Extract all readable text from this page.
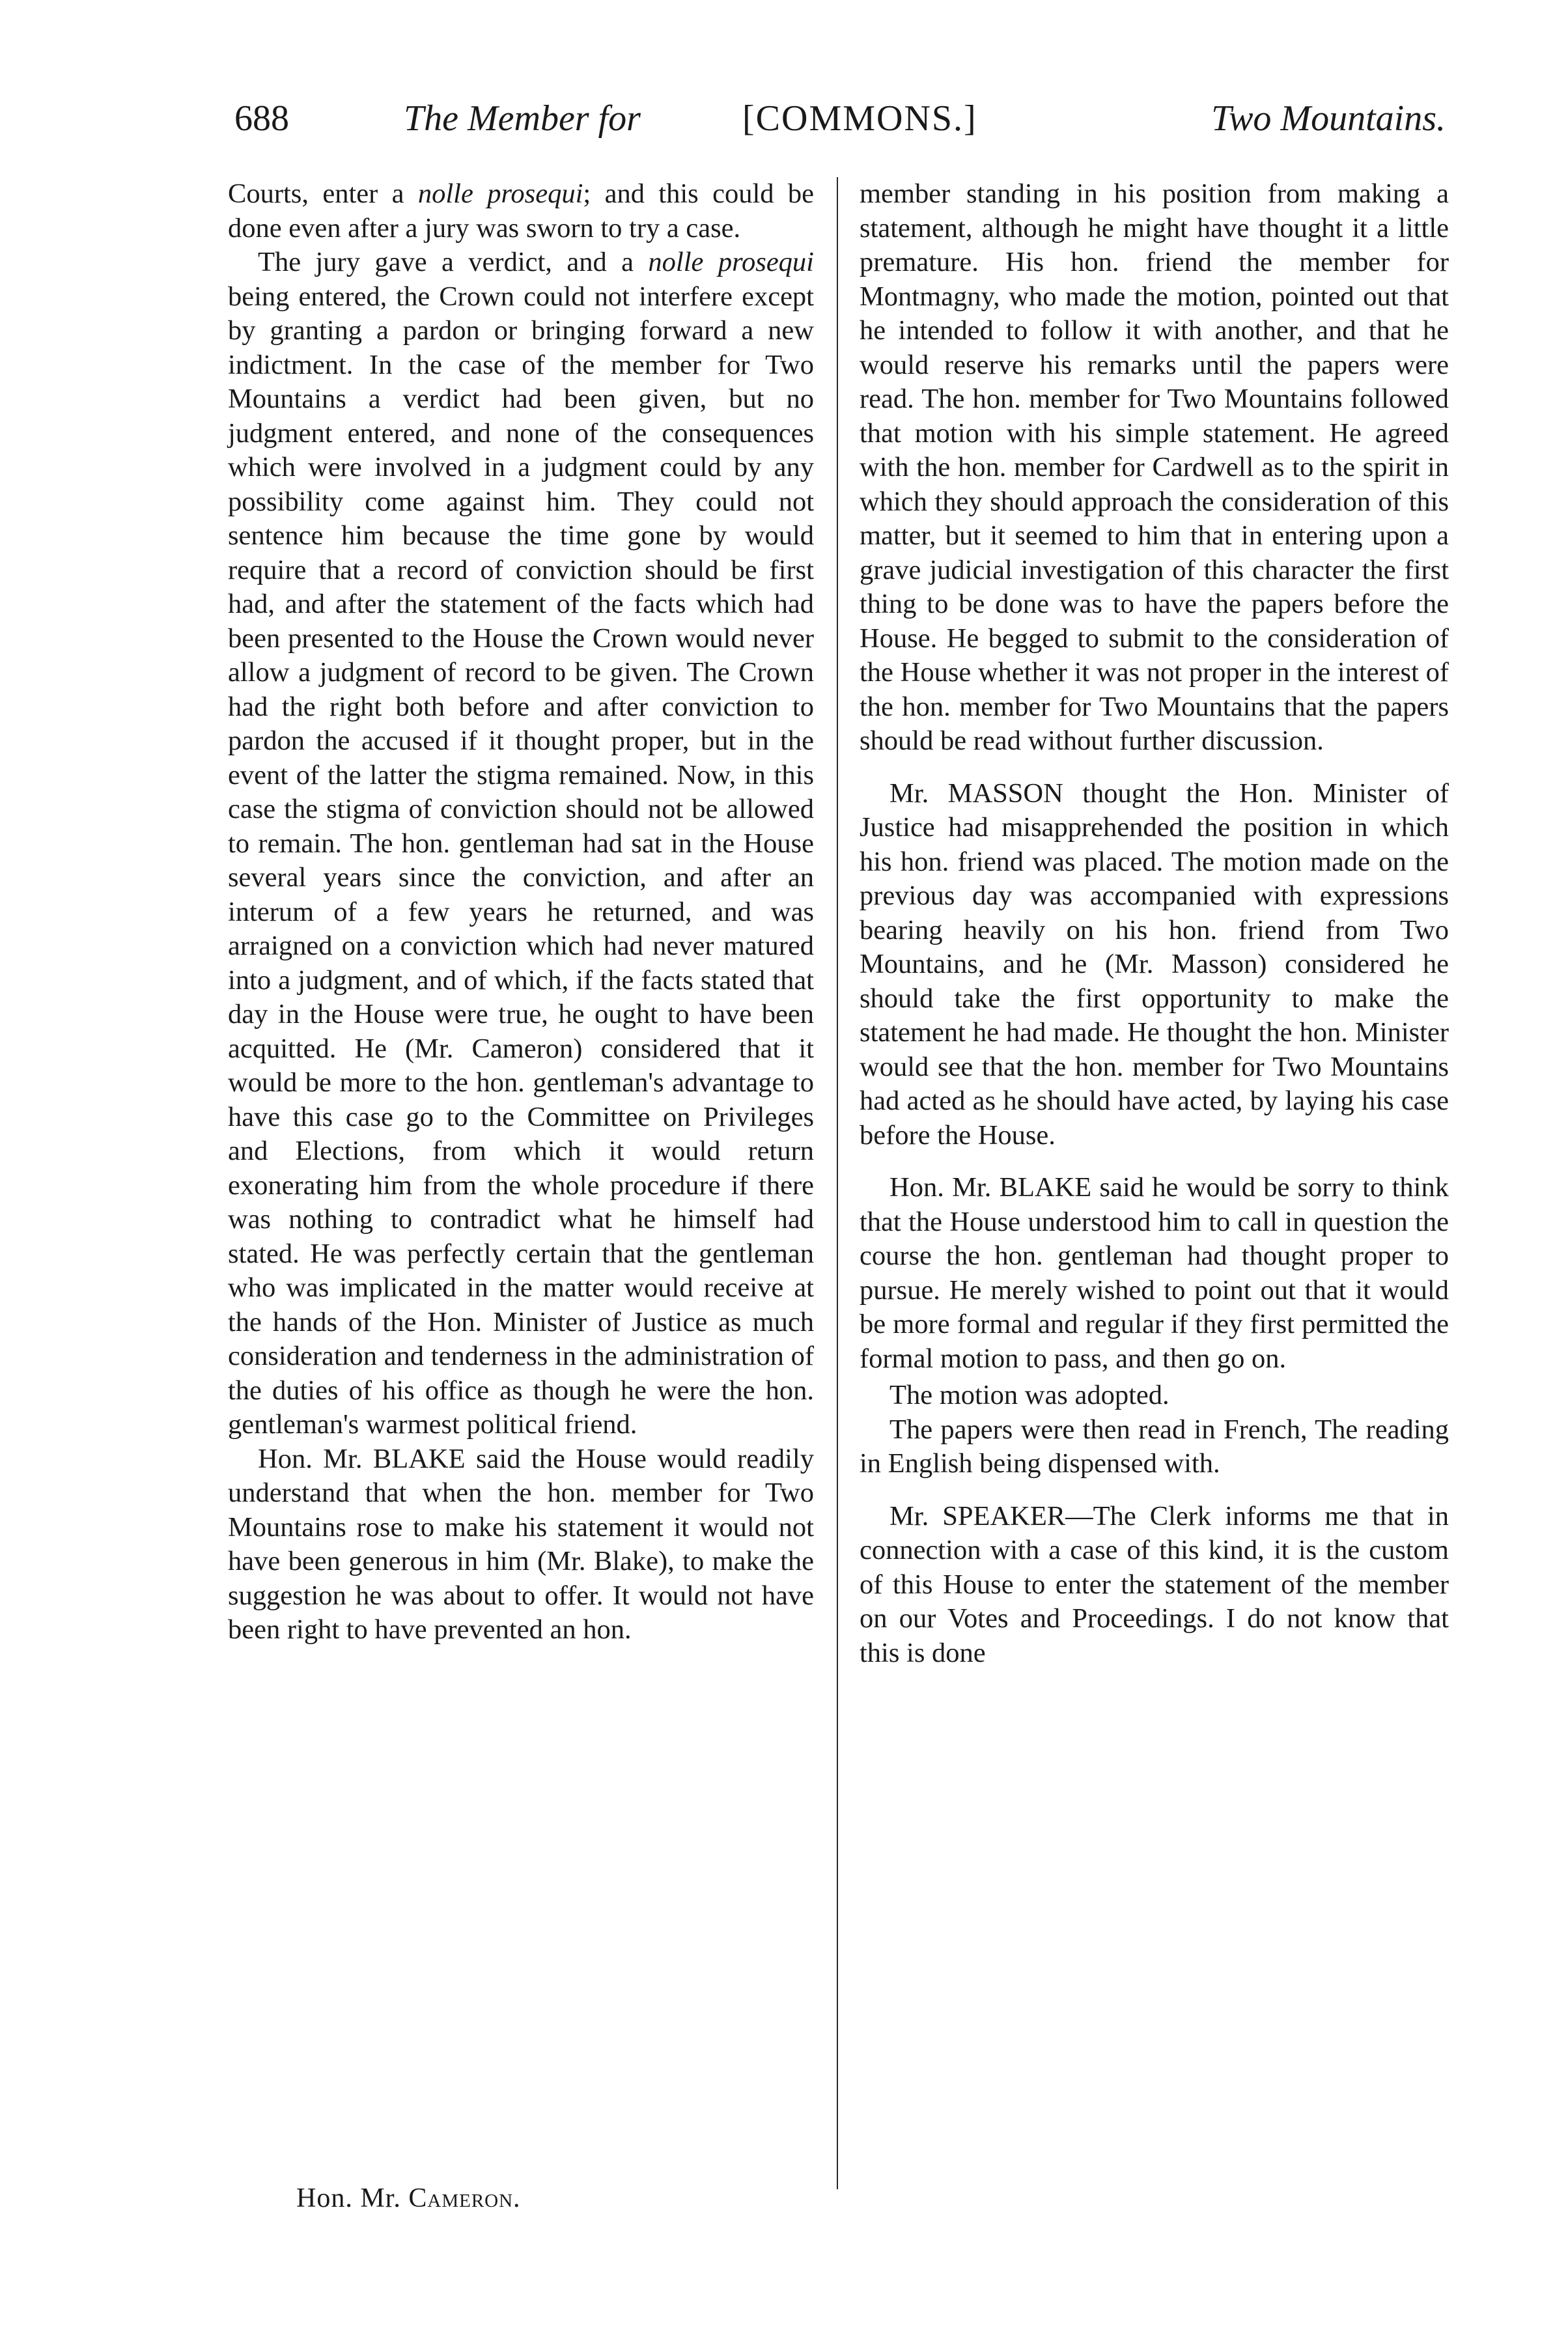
688	The Member for	[COMMONS.]	Two Mountains.

Courts, enter a nolle prosequi; and this could be done even after a jury was sworn to try a case.

The jury gave a verdict, and a nolle prosequi being entered, the Crown could not interfere except by granting a pardon or bringing forward a new indictment. In the case of the member for Two Mountains a verdict had been given, but no judgment entered, and none of the consequences which were involved in a judgment could by any possibility come against him. They could not sentence him because the time gone by would require that a record of conviction should be first had, and after the statement of the facts which had been presented to the House the Crown would never allow a judgment of record to be given. The Crown had the right both before and after conviction to pardon the accused if it thought proper, but in the event of the latter the stigma remained. Now, in this case the stigma of conviction should not be allowed to remain. The hon. gentleman had sat in the House several years since the conviction, and after an interum of a few years he returned, and was arraigned on a conviction which had never matured into a judgment, and of which, if the facts stated that day in the House were true, he ought to have been acquitted. He (Mr. Cameron) considered that it would be more to the hon. gentleman's advantage to have this case go to the Committee on Privileges and Elections, from which it would return exonerating him from the whole procedure if there was nothing to contradict what he himself had stated. He was perfectly certain that the gentleman who was implicated in the matter would receive at the hands of the Hon. Minister of Justice as much consideration and tenderness in the administration of the duties of his office as though he were the hon. gentleman's warmest political friend.

Hon. Mr. BLAKE said the House would readily understand that when the hon. member for Two Mountains rose to make his statement it would not have been generous in him (Mr. Blake), to make the suggestion he was about to offer. It would not have been right to have prevented an hon.

member standing in his position from making a statement, although he might have thought it a little premature. His hon. friend the member for Montmagny, who made the motion, pointed out that he intended to follow it with another, and that he would reserve his remarks until the papers were read. The hon. member for Two Mountains followed that motion with his simple statement. He agreed with the hon. member for Cardwell as to the spirit in which they should approach the consideration of this matter, but it seemed to him that in entering upon a grave judicial investigation of this character the first thing to be done was to have the papers before the House. He begged to submit to the consideration of the House whether it was not proper in the interest of the hon. member for Two Mountains that the papers should be read without further discussion.

Mr. MASSON thought the Hon. Minister of Justice had misapprehended the position in which his hon. friend was placed. The motion made on the previous day was accompanied with expressions bearing heavily on his hon. friend from Two Mountains, and he (Mr. Masson) considered he should take the first opportunity to make the statement he had made. He thought the hon. Minister would see that the hon. member for Two Mountains had acted as he should have acted, by laying his case before the House.

Hon. Mr. BLAKE said he would be sorry to think that the House understood him to call in question the course the hon. gentleman had thought proper to pursue. He merely wished to point out that it would be more formal and regular if they first permitted the formal motion to pass, and then go on.

The motion was adopted.

The papers were then read in French, The reading in English being dispensed with.

Mr. SPEAKER—The Clerk informs me that in connection with a case of this kind, it is the custom of this House to enter the statement of the member on our Votes and Proceedings. I do not know that this is done

Hon. Mr. Cameron.
